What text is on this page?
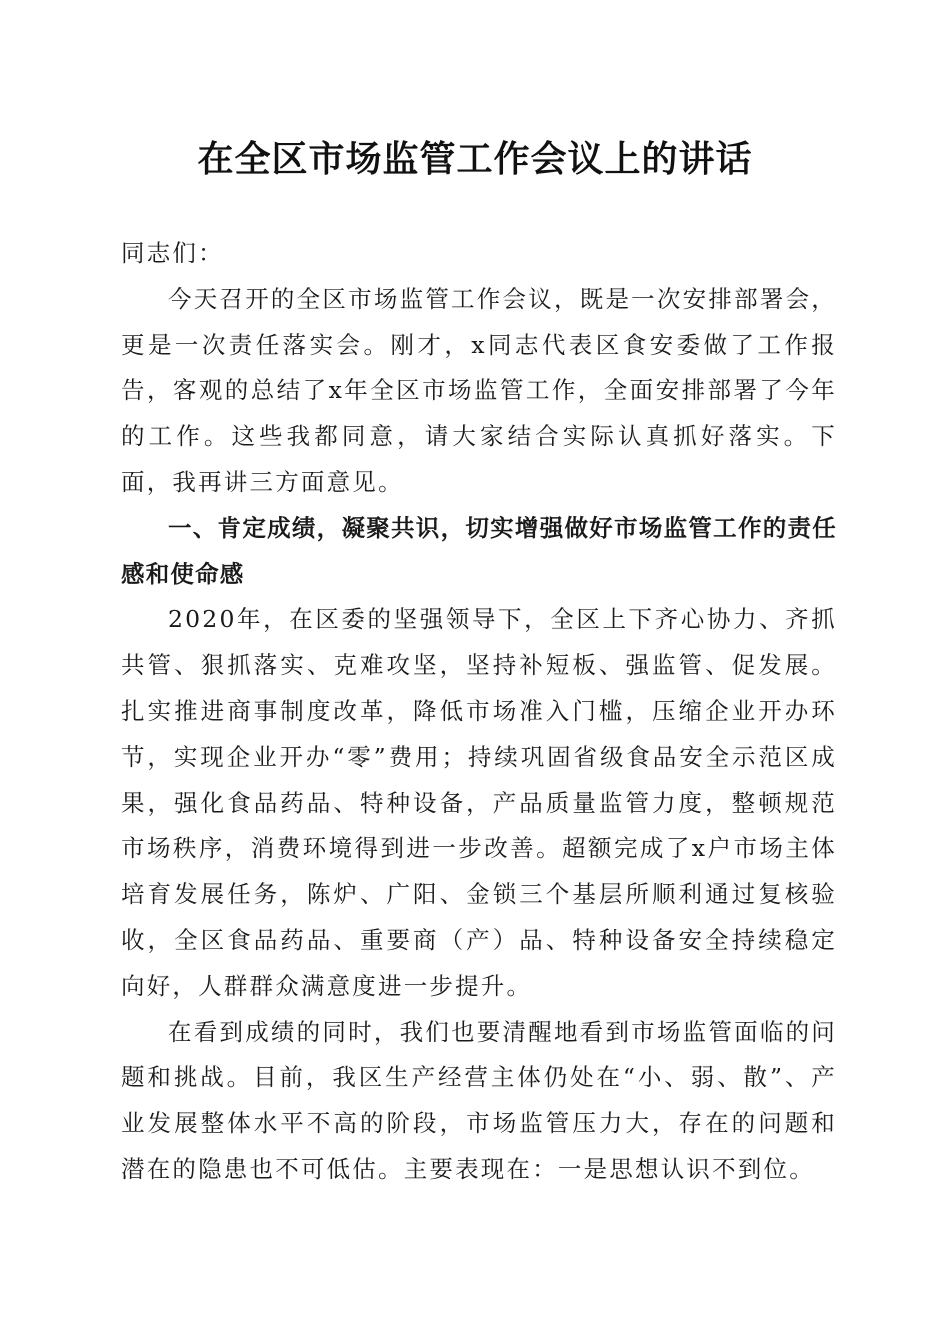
在全区市场监管工作会议上的讲话

同志们：

今天召开的全区市场监管工作会议，既是一次安排部署会，更是一次责任落实会。刚才，x同志代表区食安委做了工作报告，客观的总结了x年全区市场监管工作，全面安排部署了今年的工作。这些我都同意，请大家结合实际认真抓好落实。下面，我再讲三方面意见。

一、肯定成绩，凝聚共识，切实增强做好市场监管工作的责任感和使命感

2020年，在区委的坚强领导下，全区上下齐心协力、齐抓共管、狠抓落实、克难攻坚，坚持补短板、强监管、促发展。扎实推进商事制度改革，降低市场准入门槛，压缩企业开办环节，实现企业开办“零”费用；持续巩固省级食品安全示范区成果，强化食品药品、特种设备，产品质量监管力度，整顿规范市场秩序，消费环境得到进一步改善。超额完成了x户市场主体培育发展任务，陈炉、广阳、金锁三个基层所顺利通过复核验收，全区食品药品、重要商（产）品、特种设备安全持续稳定向好，人群群众满意度进一步提升。

在看到成绩的同时，我们也要清醒地看到市场监管面临的问题和挑战。目前，我区生产经营主体仍处在“小、弱、散”、产业发展整体水平不高的阶段，市场监管压力大，存在的问题和潜在的隐患也不可低估。主要表现在：一是思想认识不到位。
